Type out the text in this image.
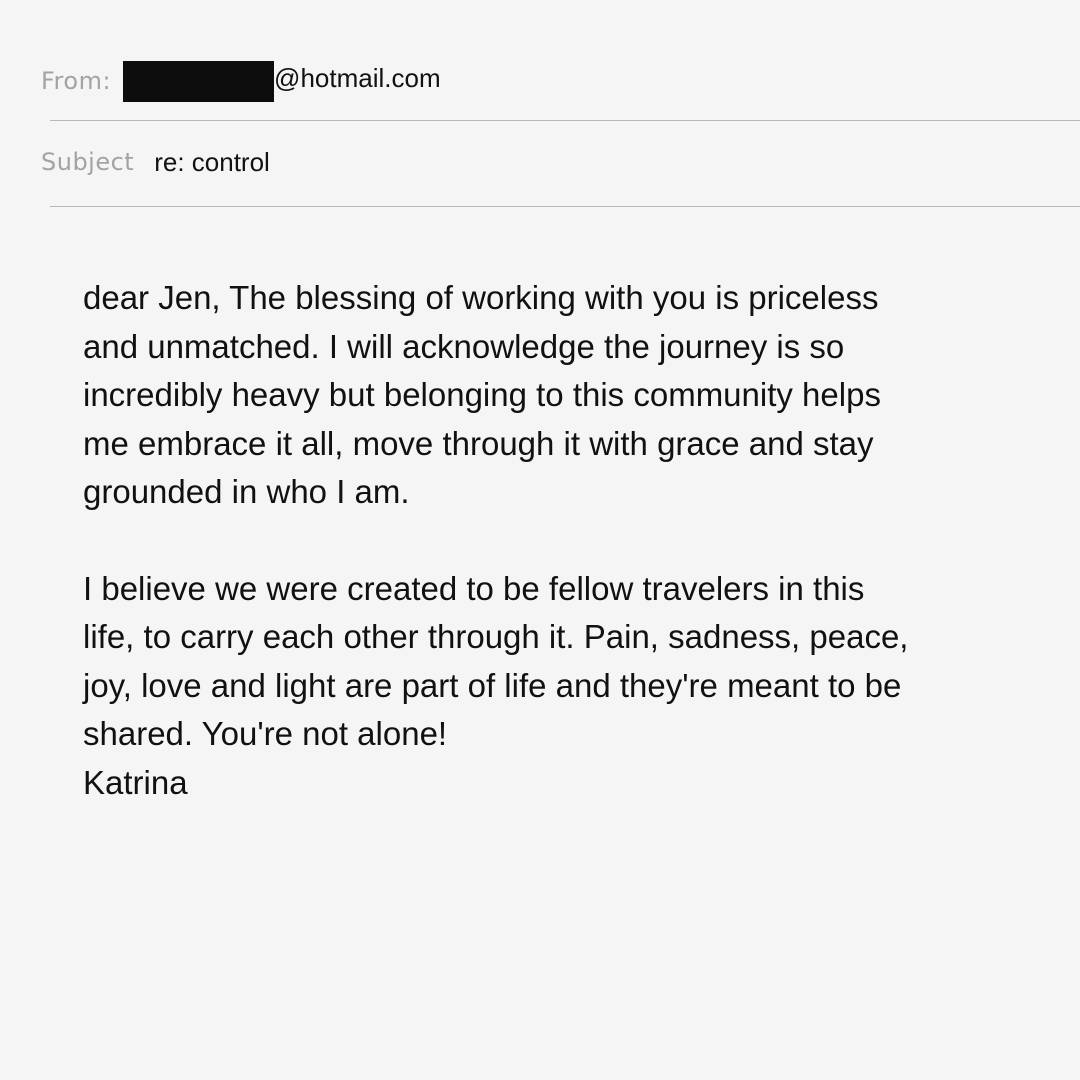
From:	@hotmail.com
Subject re: control

dear Jen, The blessing of working with you is priceless

and unmatched. I will acknowledge the journey is so

incredibly heavy but belonging to this community helps

me embrace it all, move through it with grace and stay

grounded in who I am.

I believe we were created to be fellow travelers in this

life, to carry each other through it. Pain, sadness, peace,

joy, love and light are part of life and they're meant to be

shared. You're not alone!

Katrina
